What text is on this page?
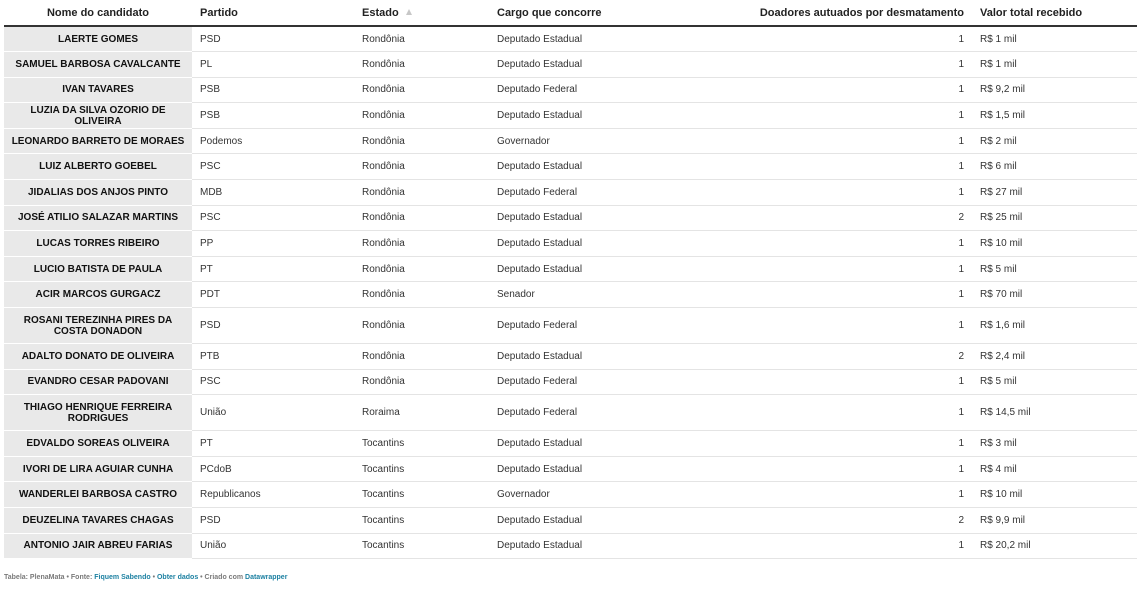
Nome do candidato	Partido	Estado	Cargo que concorre	Doadores autuados por desmatamento	Valor total recebido
LAERTE GOMES	PSD	Rondônia	Deputado Estadual	1	R$ 1 mil
SAMUEL BARBOSA CAVALCANTE	PL	Rondônia	Deputado Estadual	1	R$ 1 mil
IVAN TAVARES	PSB	Rondônia	Deputado Federal	1	R$ 9,2 mil
LUZIA DA SILVA OZORIO DE OLIVEIRA	PSB	Rondônia	Deputado Estadual	1	R$ 1,5 mil
LEONARDO BARRETO DE MORAES	Podemos	Rondônia	Governador	1	R$ 2 mil
LUIZ ALBERTO GOEBEL	PSC	Rondônia	Deputado Estadual	1	R$ 6 mil
JIDALIAS DOS ANJOS PINTO	MDB	Rondônia	Deputado Federal	1	R$ 27 mil
JOSÉ ATILIO SALAZAR MARTINS	PSC	Rondônia	Deputado Estadual	2	R$ 25 mil
LUCAS TORRES RIBEIRO	PP	Rondônia	Deputado Estadual	1	R$ 10 mil
LUCIO BATISTA DE PAULA	PT	Rondônia	Deputado Estadual	1	R$ 5 mil
ACIR MARCOS GURGACZ	PDT	Rondônia	Senador	1	R$ 70 mil
ROSANI TEREZINHA PIRES DA COSTA DONADON	PSD	Rondônia	Deputado Federal	1	R$ 1,6 mil
ADALTO DONATO DE OLIVEIRA	PTB	Rondônia	Deputado Estadual	2	R$ 2,4 mil
EVANDRO CESAR PADOVANI	PSC	Rondônia	Deputado Federal	1	R$ 5 mil
THIAGO HENRIQUE FERREIRA RODRIGUES	União	Roraima	Deputado Federal	1	R$ 14,5 mil
EDVALDO SOREAS OLIVEIRA	PT	Tocantins	Deputado Estadual	1	R$ 3 mil
IVORI DE LIRA AGUIAR CUNHA	PCdoB	Tocantins	Deputado Estadual	1	R$ 4 mil
WANDERLEI BARBOSA CASTRO	Republicanos	Tocantins	Governador	1	R$ 10 mil
DEUZELINA TAVARES CHAGAS	PSD	Tocantins	Deputado Estadual	2	R$ 9,9 mil
ANTONIO JAIR ABREU FARIAS	União	Tocantins	Deputado Estadual	1	R$ 20,2 mil
Tabela: PlenaMata • Fonte: Fiquem Sabendo • Obter dados • Criado com Datawrapper
